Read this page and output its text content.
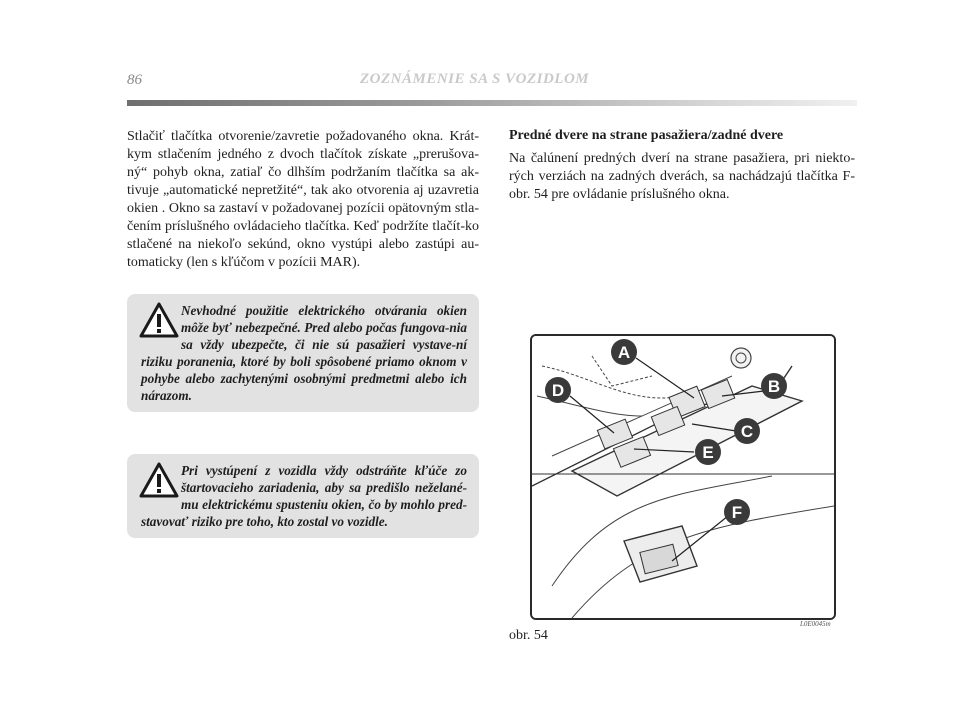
86	ZOZNÁMENIE SA S VOZIDLOM

Stlačiť tlačítka otvorenie/zavretie požadovaného okna. Krát-kym stlačením jedného z dvoch tlačítok získate „prerušova-ný“ pohyb okna, zatiaľ čo dlhším podržaním tlačítka sa ak-tivuje „automatické nepretžité“, tak ako otvorenia aj uzavretia okien . Okno sa zastaví v požadovanej pozícii opätovným stla-čením príslušného ovládacieho tlačítka. Keď podržíte tlačít-ko stlačené na niekoľo sekúnd, okno vystúpi alebo zastúpi au-tomaticky (len s kľúčom v pozícii MAR).

Nevhodné použitie elektrického otvárania okien môže byť nebezpečné. Pred alebo počas fungova-nia sa vždy ubezpečte, či nie sú pasažieri vystave-ní riziku poranenia, ktoré by boli spôsobené priamo oknom v pohybe alebo zachytenými osobnými predmetmi alebo ich nárazom.

Pri vystúpení z vozidla vždy odstráňte kľúče zo štartovacieho zariadenia, aby sa predišlo neželané-mu elektrickému spusteniu okien, čo by mohlo pred-stavovať riziko pre toho, kto zostal vo vozidle.

Predné dvere na strane pasažiera/zadné dvere

Na čalúnení predných dverí na strane pasažiera, pri niekto-rých verziách na zadných dverách, sa nachádzajú tlačítka F-obr. 54 pre ovládanie príslušného okna.

A
B
C
D
E
F
obr. 54
L0E0045m
